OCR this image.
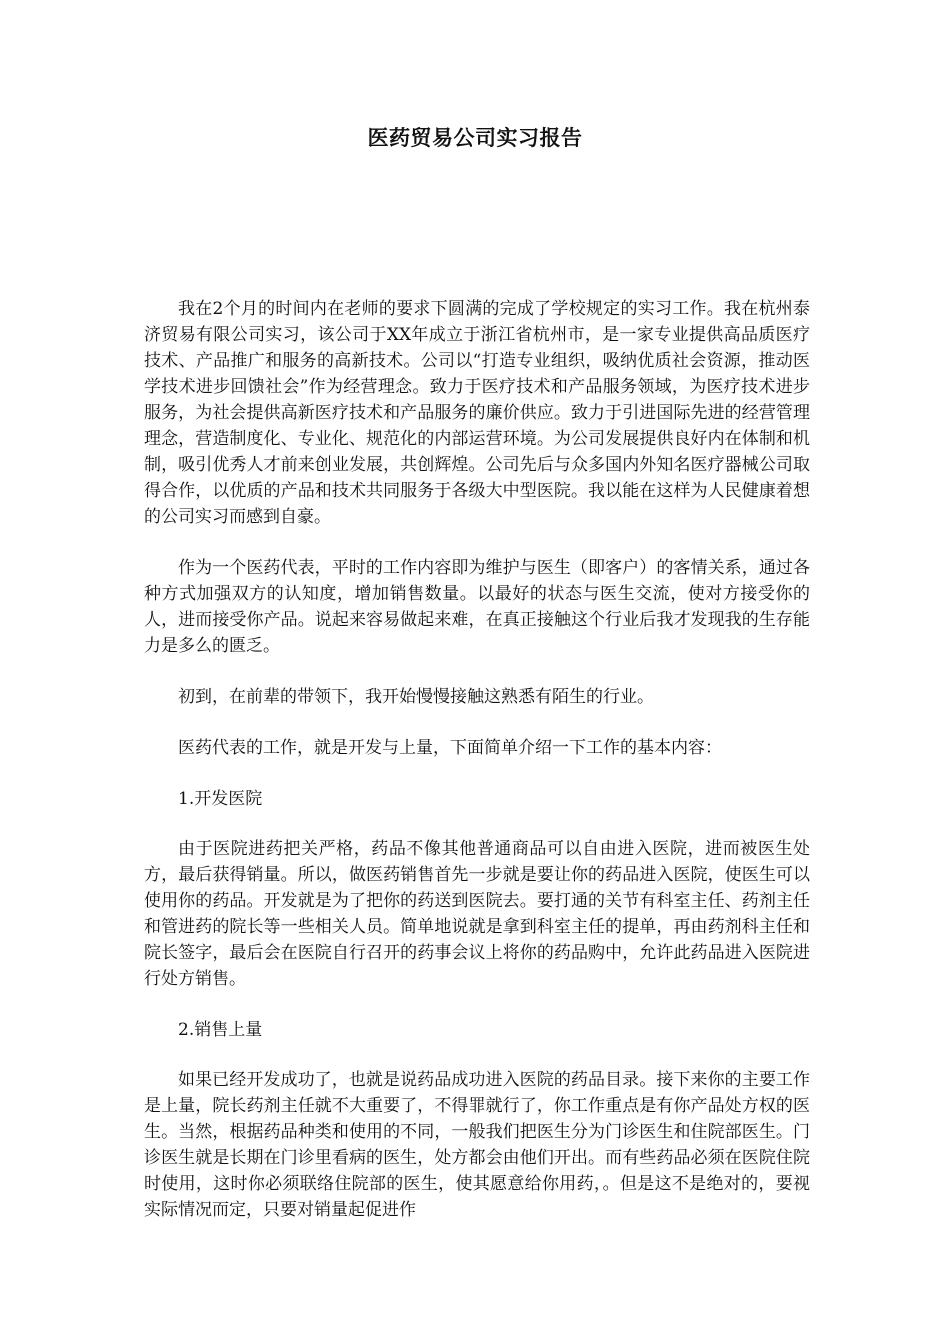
医药贸易公司实习报告

我在2个月的时间内在老师的要求下圆满的完成了学校规定的实习工作。我在杭州泰济贸易有限公司实习，该公司于XX年成立于浙江省杭州市，是一家专业提供高品质医疗技术、产品推广和服务的高新技术。公司以“打造专业组织，吸纳优质社会资源，推动医学技术进步回馈社会”作为经营理念。致力于医疗技术和产品服务领域，为医疗技术进步服务，为社会提供高新医疗技术和产品服务的廉价供应。致力于引进国际先进的经营管理理念，营造制度化、专业化、规范化的内部运营环境。为公司发展提供良好内在体制和机制，吸引优秀人才前来创业发展，共创辉煌。公司先后与众多国内外知名医疗器械公司取得合作，以优质的产品和技术共同服务于各级大中型医院。我以能在这样为人民健康着想的公司实习而感到自豪。

作为一个医药代表，平时的工作内容即为维护与医生（即客户）的客情关系，通过各种方式加强双方的认知度，增加销售数量。以最好的状态与医生交流，使对方接受你的人，进而接受你产品。说起来容易做起来难，在真正接触这个行业后我才发现我的生存能力是多么的匮乏。

初到，在前辈的带领下，我开始慢慢接触这熟悉有陌生的行业。

医药代表的工作，就是开发与上量，下面简单介绍一下工作的基本内容：

1.开发医院

由于医院进药把关严格，药品不像其他普通商品可以自由进入医院，进而被医生处方，最后获得销量。所以，做医药销售首先一步就是要让你的药品进入医院，使医生可以使用你的药品。开发就是为了把你的药送到医院去。要打通的关节有科室主任、药剂主任和管进药的院长等一些相关人员。简单地说就是拿到科室主任的提单，再由药剂科主任和院长签字，最后会在医院自行召开的药事会议上将你的药品购中，允许此药品进入医院进行处方销售。

2.销售上量

如果已经开发成功了，也就是说药品成功进入医院的药品目录。接下来你的主要工作是上量，院长药剂主任就不大重要了，不得罪就行了，你工作重点是有你产品处方权的医生。当然，根据药品种类和使用的不同，一般我们把医生分为门诊医生和住院部医生。门诊医生就是长期在门诊里看病的医生，处方都会由他们开出。而有些药品必须在医院住院时使用，这时你必须联络住院部的医生，使其愿意给你用药，。但是这不是绝对的，要视实际情况而定，只要对销量起促进作
